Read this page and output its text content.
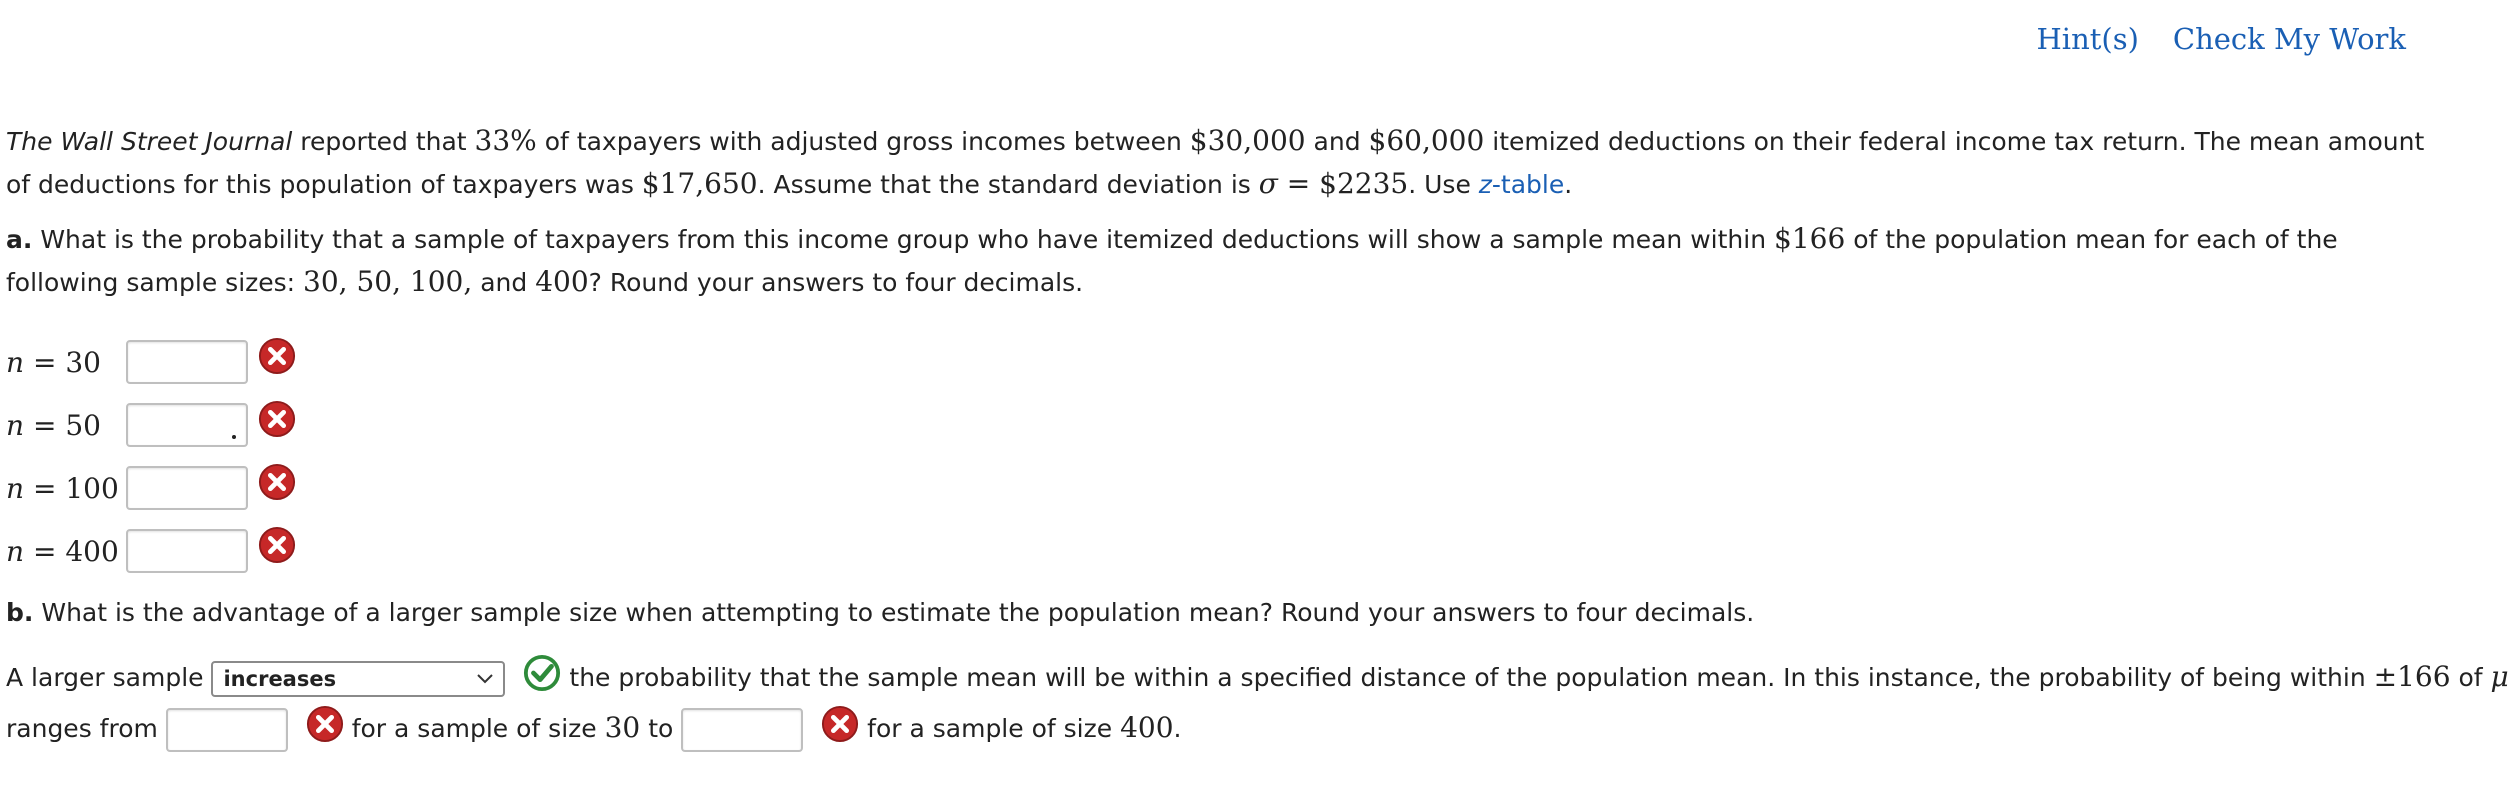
Hint(s) Check My Work

The Wall Street Journal reported that 33% of taxpayers with adjusted gross incomes between $30,000 and $60,000 itemized deductions on their federal income tax return. The mean amount of deductions for this population of taxpayers was $17,650. Assume that the standard deviation is σ = $2235. Use z-table.

a. What is the probability that a sample of taxpayers from this income group who have itemized deductions will show a sample mean within $166 of the population mean for each of the following sample sizes: 30, 50, 100, and 400? Round your answers to four decimals.

n = 30
n = 50
n = 100
n = 400
b. What is the advantage of a larger sample size when attempting to estimate the population mean? Round your answers to four decimals.
A larger sample increases	the probability that the sample mean will be within a specified distance of the population mean. In this instance, the probability of being within ±166 of μ
ranges from	for a sample of size 30 to	for a sample of size 400.
